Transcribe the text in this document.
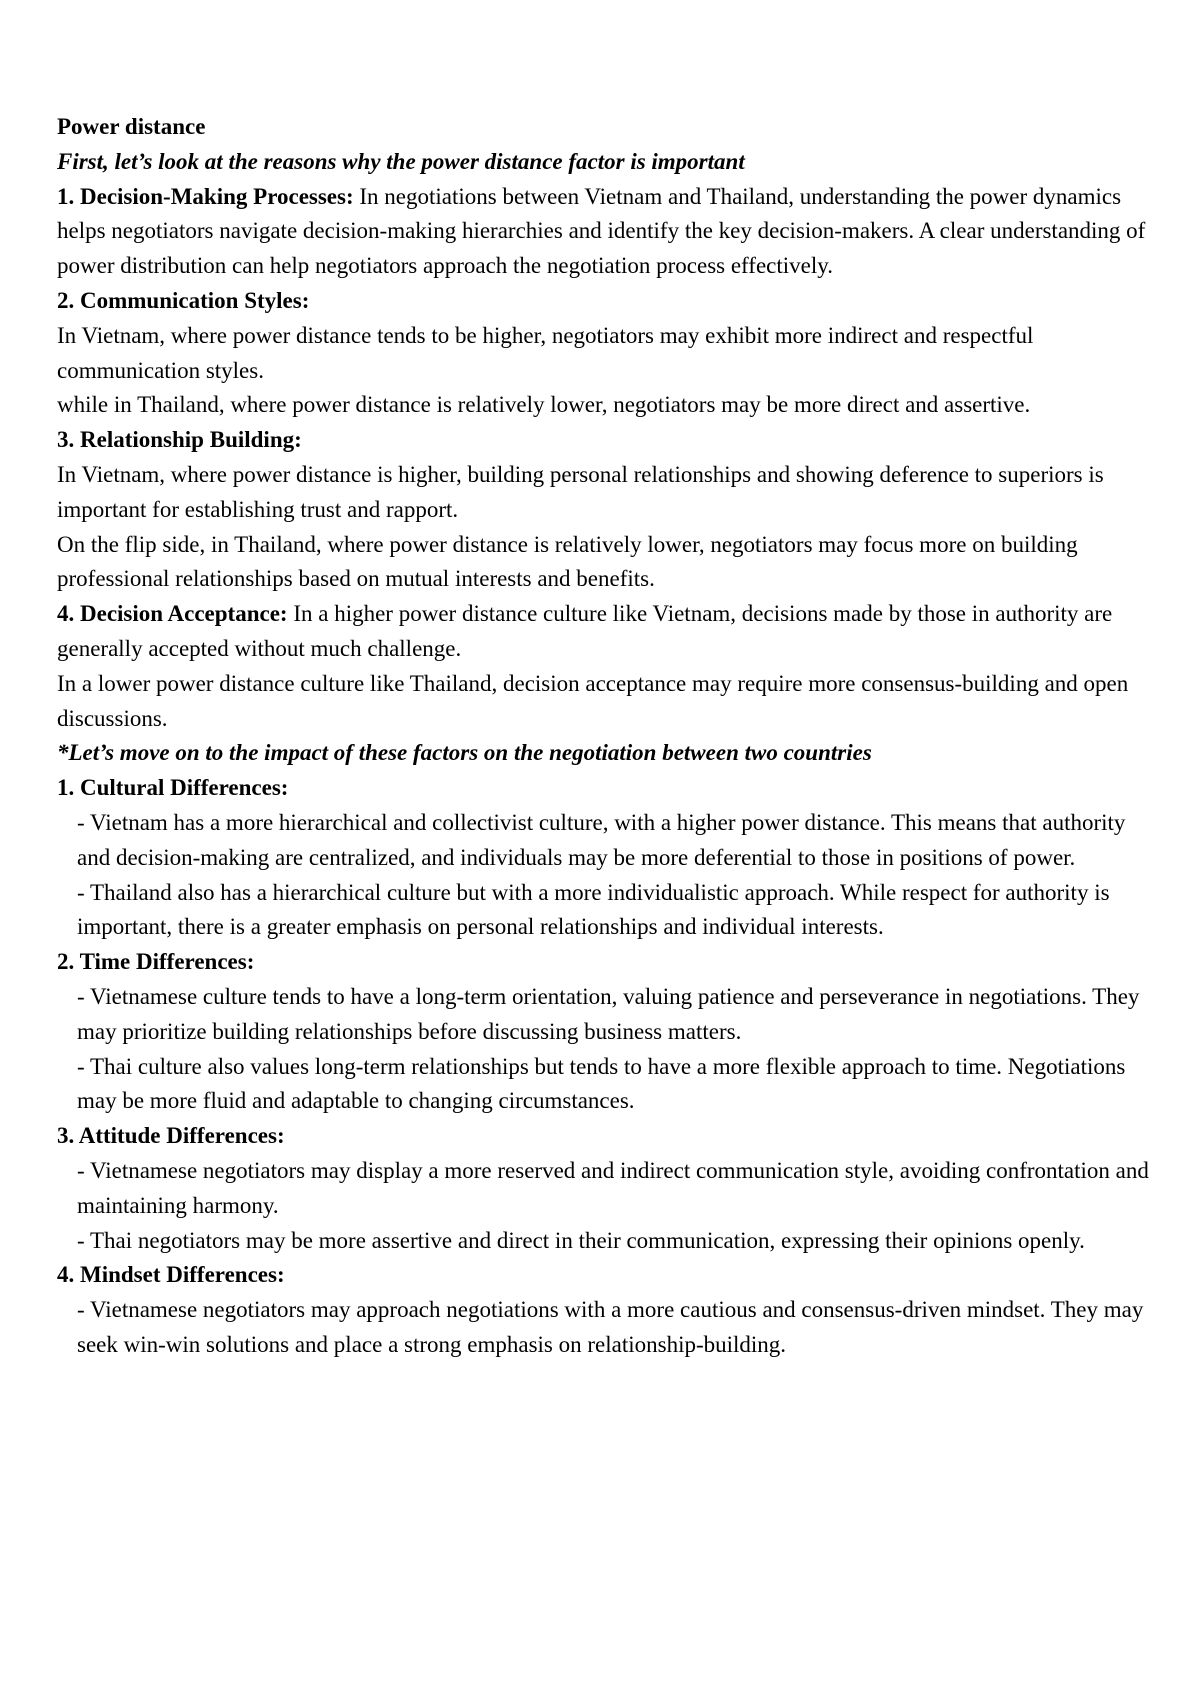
Power distance

First, let’s look at the reasons why the power distance factor is important

1. Decision-Making Processes: In negotiations between Vietnam and Thailand, understanding the power dynamics helps negotiators navigate decision-making hierarchies and identify the key decision-makers. A clear understanding of power distribution can help negotiators approach the negotiation process effectively.

2. Communication Styles:

In Vietnam, where power distance tends to be higher, negotiators may exhibit more indirect and respectful communication styles.

while in Thailand, where power distance is relatively lower, negotiators may be more direct and assertive.

3. Relationship Building:

In Vietnam, where power distance is higher, building personal relationships and showing deference to superiors is important for establishing trust and rapport.

On the flip side, in Thailand, where power distance is relatively lower, negotiators may focus more on building professional relationships based on mutual interests and benefits.

4. Decision Acceptance: In a higher power distance culture like Vietnam, decisions made by those in authority are generally accepted without much challenge.

In a lower power distance culture like Thailand, decision acceptance may require more consensus-building and open discussions.

*Let’s move on to the impact of these factors on the negotiation between two countries

1. Cultural Differences:

- Vietnam has a more hierarchical and collectivist culture, with a higher power distance. This means that authority and decision-making are centralized, and individuals may be more deferential to those in positions of power.

- Thailand also has a hierarchical culture but with a more individualistic approach. While respect for authority is important, there is a greater emphasis on personal relationships and individual interests.

2. Time Differences:

- Vietnamese culture tends to have a long-term orientation, valuing patience and perseverance in negotiations. They may prioritize building relationships before discussing business matters.

- Thai culture also values long-term relationships but tends to have a more flexible approach to time. Negotiations may be more fluid and adaptable to changing circumstances.

3. Attitude Differences:

- Vietnamese negotiators may display a more reserved and indirect communication style, avoiding confrontation and maintaining harmony.

- Thai negotiators may be more assertive and direct in their communication, expressing their opinions openly.

4. Mindset Differences:

- Vietnamese negotiators may approach negotiations with a more cautious and consensus-driven mindset. They may seek win-win solutions and place a strong emphasis on relationship-building.
